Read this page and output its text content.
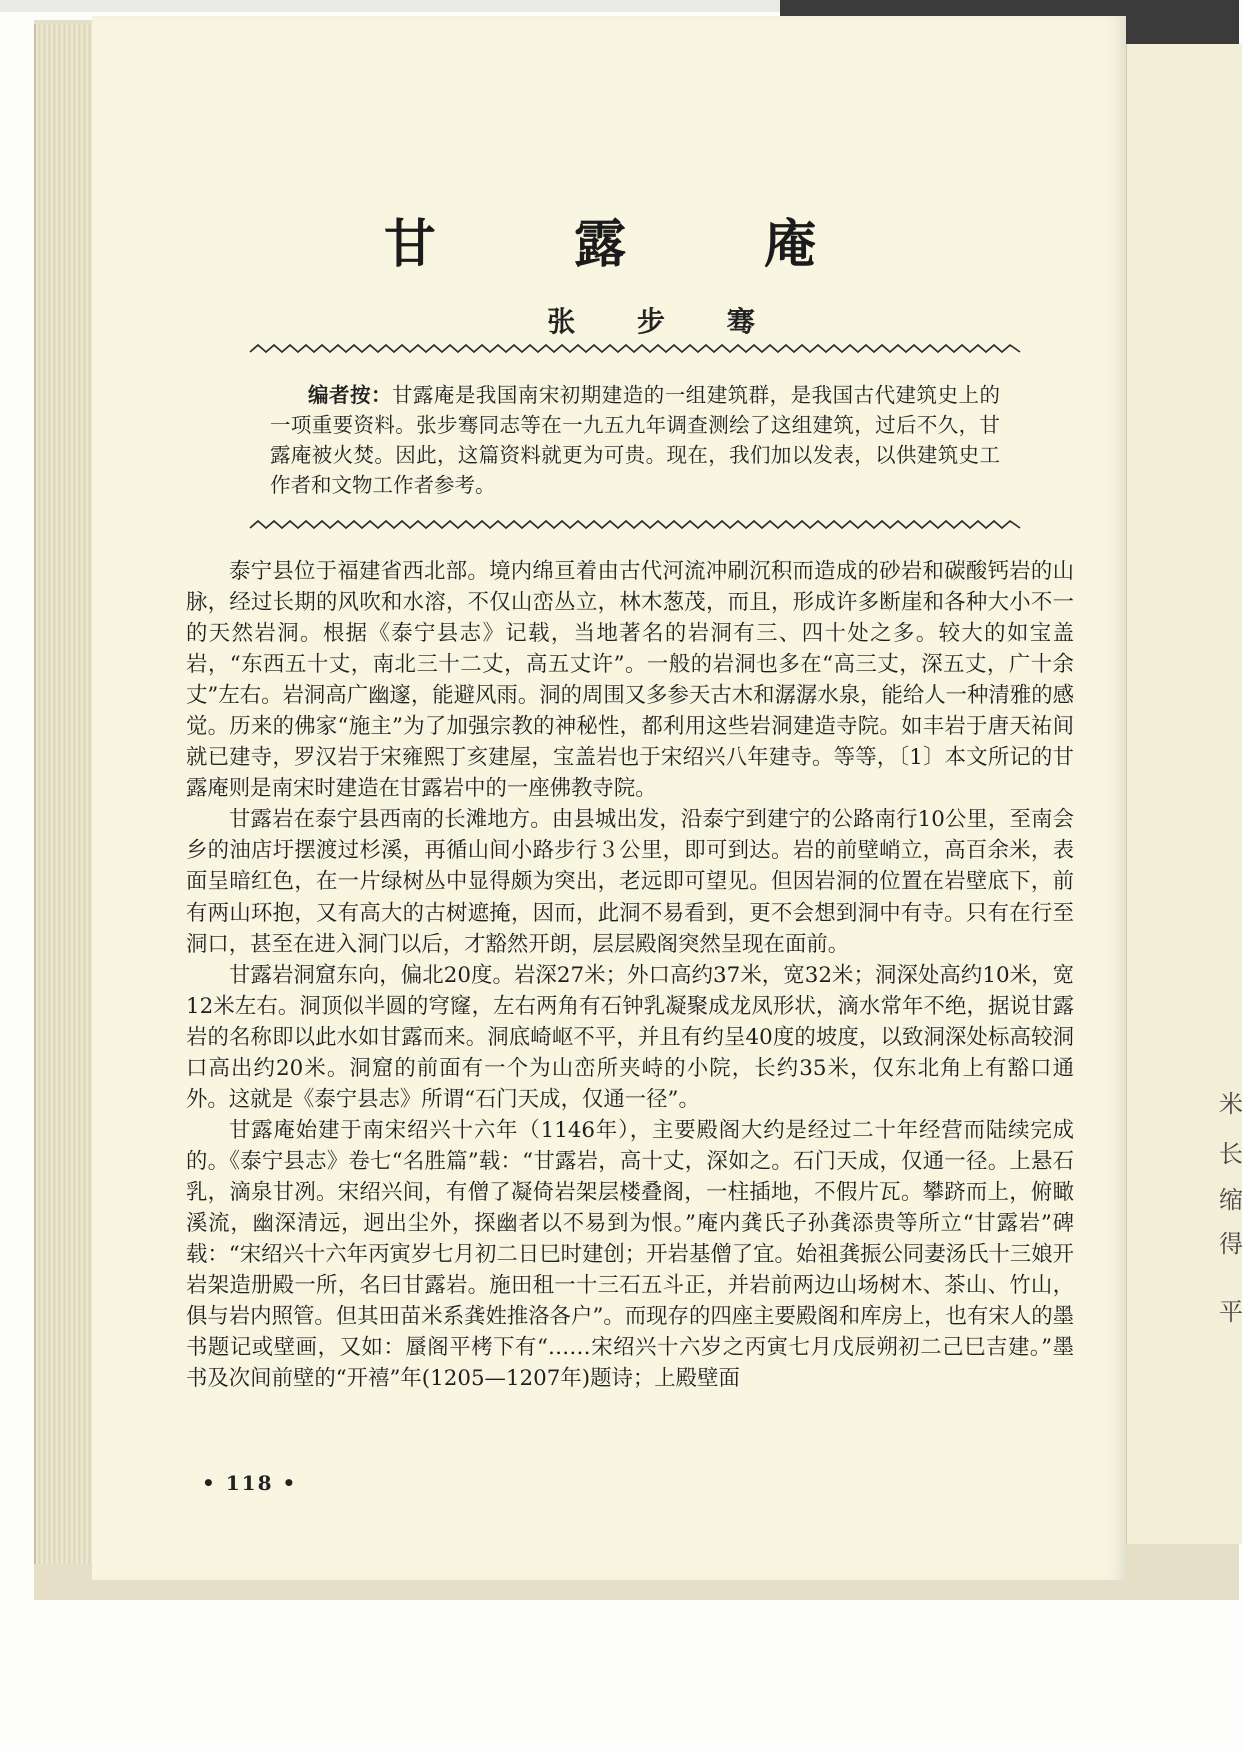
米
长
缩
得
平
甘 露 庵
张 步 骞
编者按：甘露庵是我国南宋初期建造的一组建筑群，是我国古代建筑史上的一项重要资料。张步骞同志等在一九五九年调查测绘了这组建筑，过后不久，甘露庵被火焚。因此，这篇资料就更为可贵。现在，我们加以发表，以供建筑史工作者和文物工作者参考。

泰宁县位于福建省西北部。境内绵亘着由古代河流冲刷沉积而造成的砂岩和碳酸钙岩的山脉，经过长期的风吹和水溶，不仅山峦丛立，林木葱茂，而且，形成许多断崖和各种大小不一的天然岩洞。根据《泰宁县志》记载，当地著名的岩洞有三、四十处之多。较大的如宝盖岩，“东西五十丈，南北三十二丈，高五丈许”。一般的岩洞也多在“高三丈，深五丈，广十余丈”左右。岩洞高广幽邃，能避风雨。洞的周围又多参天古木和潺潺水泉，能给人一种清雅的感觉。历来的佛家“施主”为了加强宗教的神秘性，都利用这些岩洞建造寺院。如丰岩于唐天祐间就已建寺，罗汉岩于宋雍熙丁亥建屋，宝盖岩也于宋绍兴八年建寺。等等，〔1〕本文所记的甘露庵则是南宋时建造在甘露岩中的一座佛教寺院。

甘露岩在泰宁县西南的长滩地方。由县城出发，沿泰宁到建宁的公路南行10公里，至南会乡的油店圩摆渡过杉溪，再循山间小路步行３公里，即可到达。岩的前壁峭立，高百余米，表面呈暗红色，在一片绿树丛中显得颇为突出，老远即可望见。但因岩洞的位置在岩壁底下，前有两山环抱，又有高大的古树遮掩，因而，此洞不易看到，更不会想到洞中有寺。只有在行至洞口，甚至在进入洞门以后，才豁然开朗，层层殿阁突然呈现在面前。

甘露岩洞窟东向，偏北20度。岩深27米；外口高约37米，宽32米；洞深处高约10米，宽12米左右。洞顶似半圆的穹窿，左右两角有石钟乳凝聚成龙凤形状，滴水常年不绝，据说甘露岩的名称即以此水如甘露而来。洞底崎岖不平，并且有约呈40度的坡度，以致洞深处标高较洞口高出约20米。洞窟的前面有一个为山峦所夹峙的小院，长约35米，仅东北角上有豁口通外。这就是《泰宁县志》所谓“石门天成，仅通一径”。

甘露庵始建于南宋绍兴十六年（1146年），主要殿阁大约是经过二十年经营而陆续完成的。《泰宁县志》卷七“名胜篇”载：“甘露岩，高十丈，深如之。石门天成，仅通一径。上悬石乳，滴泉甘冽。宋绍兴间，有僧了凝倚岩架层楼叠阁，一柱插地，不假片瓦。攀跻而上，俯瞰溪流，幽深清远，迥出尘外，探幽者以不易到为恨。”庵内龚氏子孙龚添贵等所立“甘露岩”碑载：“宋绍兴十六年丙寅岁七月初二日巳时建创；开岩基僧了宜。始祖龚振公同妻汤氏十三娘开岩架造册殿一所，名曰甘露岩。施田租一十三石五斗正，并岩前两边山场树木、茶山、竹山，俱与岩内照管。但其田苗米系龚姓推洛各户”。而现存的四座主要殿阁和库房上，也有宋人的墨书题记或壁画，又如：蜃阁平栲下有“……宋绍兴十六岁之丙寅七月戊辰朔初二己巳吉建。”墨书及次间前壁的“开禧”年(1205—1207年)题诗；上殿壁面

• 118 •
